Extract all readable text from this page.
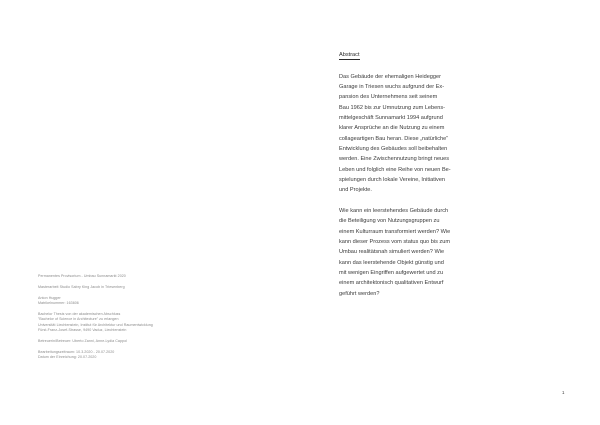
Permanentes Provisorium - Umbau Sunnamarkt 2020
Masterarbeit Studio Sabry King Jacob in Triesenberg
Anton Hugger
Matrikelnummer: 163606
Bachelor Thesis von der akademischen Abschluss
"Bachelor of Science in Architecture" zu erlangen
Universität Liechtenstein, Institut für Architektur und Raumentwicklung
Fürst-Franz-Josef-Strasse, 9490 Vaduz, Liechtenstein
Betreuerin/Betreuer: Uberto Zanni, Anne-Lydia Cappol
Bearbeitungszeitraum: 10.3.2020 - 20.07.2020
Datum der Einreichung: 20.07.2020
Abstract
Das Gebäude der ehemaligen Heidegger
Garage in Triesen wuchs aufgrund der Ex-
pansion des Unternehmens seit seinem
Bau 1962 bis zur Umnutzung zum Lebens-
mittelgeschäft Sunnamarkt 1994 aufgrund
klarer Ansprüche an die Nutzung zu einem
collageartigen Bau heran. Diese „natürliche“
Entwicklung des Gebäudes soll beibehalten
werden. Eine Zwischennutzung bringt neues
Leben und folglich eine Reihe von neuen Be-
spielungen durch lokale Vereine, Initiativen
und Projekte.
Wie kann ein leerstehendes Gebäude durch
die Beteiligung von Nutzungsgruppen zu
einem Kulturraum transformiert werden? Wie
kann dieser Prozess vom status quo bis zum
Umbau realitätsnah simuliert werden? Wie
kann das leerstehende Objekt günstig und
mit wenigen Eingriffen aufgewertet und zu
einem architektonisch qualitativen Entwurf
geführt werden?
1
